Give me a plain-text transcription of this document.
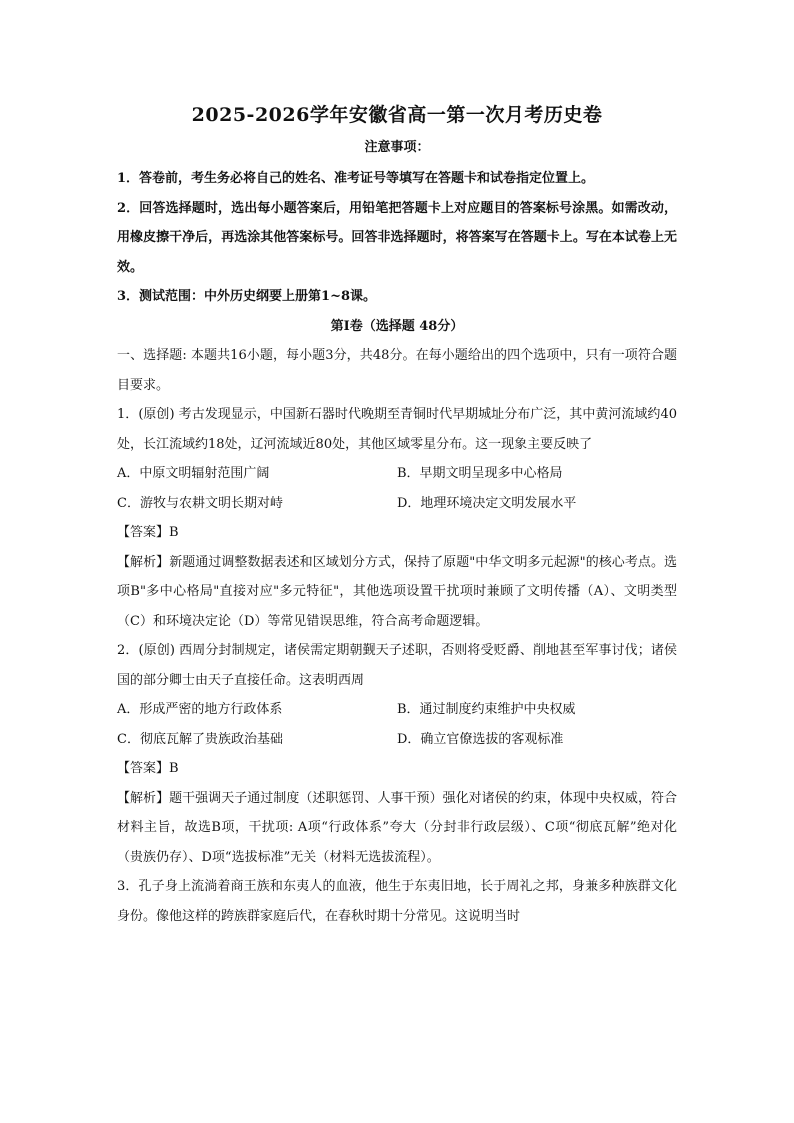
2025-2026学年安徽省高一第一次月考历史卷
注意事项：

1．答卷前，考生务必将自己的姓名、准考证号等填写在答题卡和试卷指定位置上。

2．回答选择题时，选出每小题答案后，用铅笔把答题卡上对应题目的答案标号涂黑。如需改动，用橡皮擦干净后，再选涂其他答案标号。回答非选择题时，将答案写在答题卡上。写在本试卷上无效。

3．测试范围：中外历史纲要上册第1~8课。

第Ⅰ卷（选择题 48分）

一、选择题: 本题共16小题，每小题3分，共48分。在每小题给出的四个选项中，只有一项符合题目要求。

1．(原创) 考古发现显示，中国新石器时代晚期至青铜时代早期城址分布广泛，其中黄河流域约40处，长江流域约18处，辽河流域近80处，其他区域零星分布。这一现象主要反映了

A．中原文明辐射范围广阔	B．早期文明呈现多中心格局
C．游牧与农耕文明长期对峙	D．地理环境决定文明发展水平

【答案】B

【解析】新题通过调整数据表述和区域划分方式，保持了原题"中华文明多元起源"的核心考点。选项B"多中心格局"直接对应"多元特征"，其他选项设置干扰项时兼顾了文明传播（A）、文明类型（C）和环境决定论（D）等常见错误思维，符合高考命题逻辑。

2．(原创) 西周分封制规定，诸侯需定期朝觐天子述职，否则将受贬爵、削地甚至军事讨伐；诸侯国的部分卿士由天子直接任命。这表明西周

A．形成严密的地方行政体系	B．通过制度约束维护中央权威
C．彻底瓦解了贵族政治基础	D．确立官僚选拔的客观标准

【答案】B

【解析】题干强调天子通过制度（述职惩罚、人事干预）强化对诸侯的约束，体现中央权威，符合材料主旨，故选B项，干扰项: A项“行政体系”夸大（分封非行政层级）、C项“彻底瓦解”绝对化（贵族仍存）、D项“选拔标准”无关（材料无选拔流程）。

3．孔子身上流淌着商王族和东夷人的血液，他生于东夷旧地，长于周礼之邦，身兼多种族群文化身份。像他这样的跨族群家庭后代，在春秋时期十分常见。这说明当时
